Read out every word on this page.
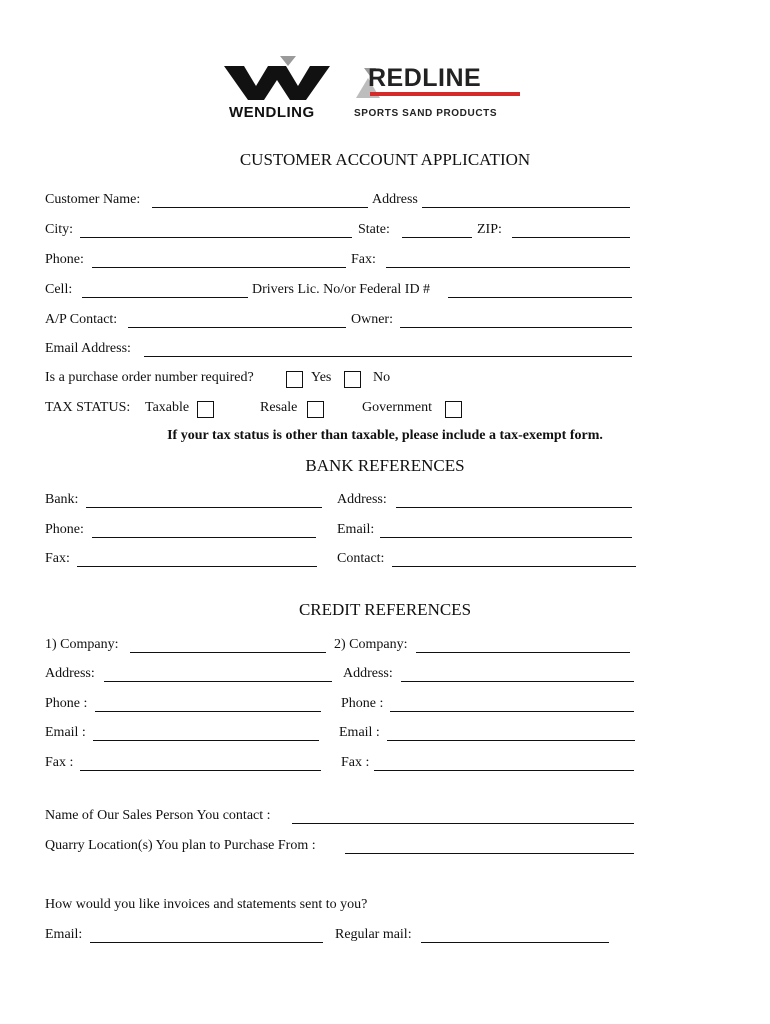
WENDLING
REDLINE
SPORTS SAND PRODUCTS
CUSTOMER ACCOUNT APPLICATION
Customer Name:	Address
City:	State:	ZIP:
Phone:	Fax:
Cell:	Drivers Lic. No/or Federal ID #
A/P Contact:	Owner:
Email Address:
Is a purchase order number required?	Yes	No
TAX STATUS: Taxable	Resale	Government
If your tax status is other than taxable, please include a tax-exempt form.
BANK REFERENCES
Bank:	Address:
Phone:	Email:
Fax:	Contact:
CREDIT REFERENCES
1) Company:	2) Company:
Address:	Address:
Phone :	Phone :
Email :	Email :
Fax :	Fax :
Name of Our Sales Person You contact :
Quarry Location(s) You plan to Purchase From :
How would you like invoices and statements sent to you?
Email:	Regular mail:
